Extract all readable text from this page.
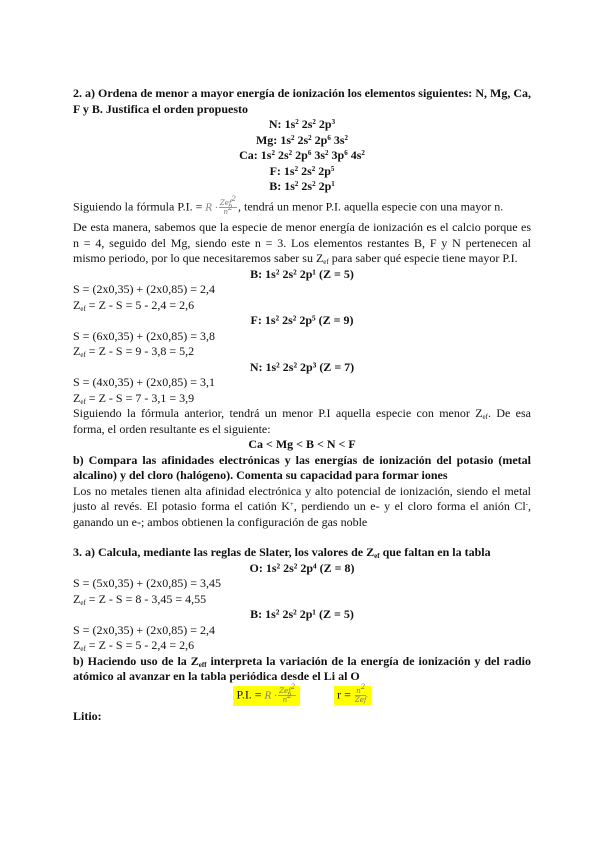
2. a) Ordena de menor a mayor energía de ionización los elementos siguientes: N, Mg, Ca, F y B. Justifica el orden propuesto

N: $1s^2$ $2s^2$ $2p^3$

Mg: $1s^2$ $2s^2$ $2p^6$ $3s^2$

Ca: $1s^2$ $2s^2$ $2p^6$ $3s^2$ $3p^6$ $4s^2$

F: $1s^2$ $2s^2$ $2p^5$

B: $1s^2$ $2s^2$ $2p^1$

Siguiendo la fórmula P.I. = $R \cdot \frac{Zef^2}{n^2}$ , tendrá un menor P.I. aquella especie con una mayor n.

De esta manera, sabemos que la especie de menor energía de ionización es el calcio porque es n = 4, seguido del Mg, siendo este n = 3. Los elementos restantes B, F y N pertenecen al mismo periodo, por lo que necesitaremos saber su $Z_{ef}$ para saber qué especie tiene mayor P.I.

B: 1s² 2s² 2p¹ (Z = 5)

S = (2x0,35) + (2x0,85) = 2,4

$Z_{ef} = Z - S = 5 - 2,4 = 2,6$

F: 1s² 2s² 2p⁵ (Z = 9)

S = (6x0,35) + (2x0,85) = 3,8

$Z_{ef} = Z - S = 9 - 3,8 = 5,2$

N: 1s² 2s² 2p³ (Z = 7)

S = (4x0,35) + (2x0,85) = 3,1

$Z_{ef} = Z - S = 7 - 3,1 = 3,9$

Siguiendo la fórmula anterior, tendrá un menor P.I aquella especie con menor $Z_{ef}$. De esa forma, el orden resultante es el siguiente:

Ca < Mg < B < N < F

b) Compara las afinidades electrónicas y las energías de ionización del potasio (metal alcalino) y del cloro (halógeno). Comenta su capacidad para formar iones

Los no metales tienen alta afinidad electrónica y alto potencial de ionización, siendo el metal justo al revés. El potasio forma el catión K+, perdiendo un e- y el cloro forma el anión Cl-, ganando un e-; ambos obtienen la configuración de gas noble

3. a) Calcula, mediante las reglas de Slater, los valores de $Z_{ef}$ que faltan en la tabla

O: 1s² 2s² 2p⁴ (Z = 8)

S = (5x0,35) + (2x0,85) = 3,45

$Z_{ef} = Z - S = 8 - 3,45 = 4,55$

B: 1s² 2s² 2p¹ (Z = 5)

S = (2x0,35) + (2x0,85) = 2,4

$Z_{ef} = Z - S = 5 - 2,4 = 2,6$

b) Haciendo uso de la $Z_{eff}$ interpreta la variación de la energía de ionización y del radio atómico al avanzar en la tabla periódica desde el Li al O

P.I. = $R \cdot \frac{Zef^2}{n^2}$	$r = \frac{n^2}{\text{Zef}}$

Litio:
